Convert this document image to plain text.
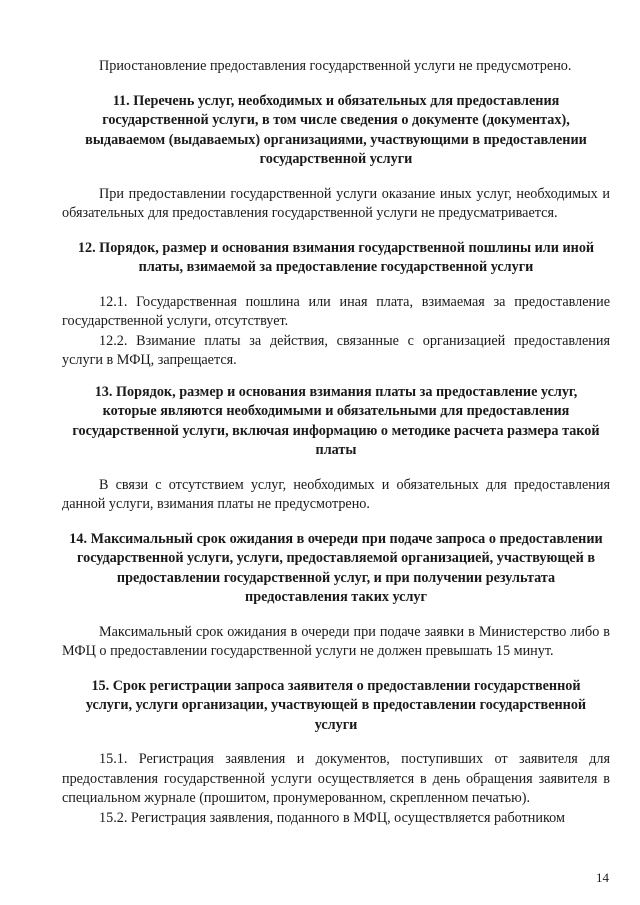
Приостановление предоставления государственной услуги не предусмотрено.

11. Перечень услуг, необходимых и обязательных для предоставления государственной услуги, в том числе сведения о документе (документах), выдаваемом (выдаваемых) организациями, участвующими в предоставлении государственной услуги

При предоставлении государственной услуги оказание иных услуг, необходимых и обязательных для предоставления государственной услуги не предусматривается.

12. Порядок, размер и основания взимания государственной пошлины или иной платы, взимаемой за предоставление государственной услуги

12.1. Государственная пошлина или иная плата, взимаемая за предоставление государственной услуги, отсутствует.

12.2. Взимание платы за действия, связанные с организацией предоставления услуги в МФЦ, запрещается.

13. Порядок, размер и основания взимания платы за предоставление услуг, которые являются необходимыми и обязательными для предоставления государственной услуги, включая информацию о методике расчета размера такой платы

В связи с отсутствием услуг, необходимых и обязательных для предоставления данной услуги, взимания платы не предусмотрено.

14. Максимальный срок ожидания в очереди при подаче запроса о предоставлении государственной услуги, услуги, предоставляемой организацией, участвующей в предоставлении государственной услуг, и при получении результата предоставления таких услуг

Максимальный срок ожидания в очереди при подаче заявки в Министерство либо в МФЦ о предоставлении государственной услуги не должен превышать 15 минут.

15. Срок регистрации запроса заявителя о предоставлении государственной услуги, услуги организации, участвующей в предоставлении государственной услуги

15.1. Регистрация заявления и документов, поступивших от заявителя для предоставления государственной услуги осуществляется в день обращения заявителя в специальном журнале (прошитом, пронумерованном, скрепленном печатью).

15.2. Регистрация заявления, поданного в МФЦ, осуществляется работником

14
